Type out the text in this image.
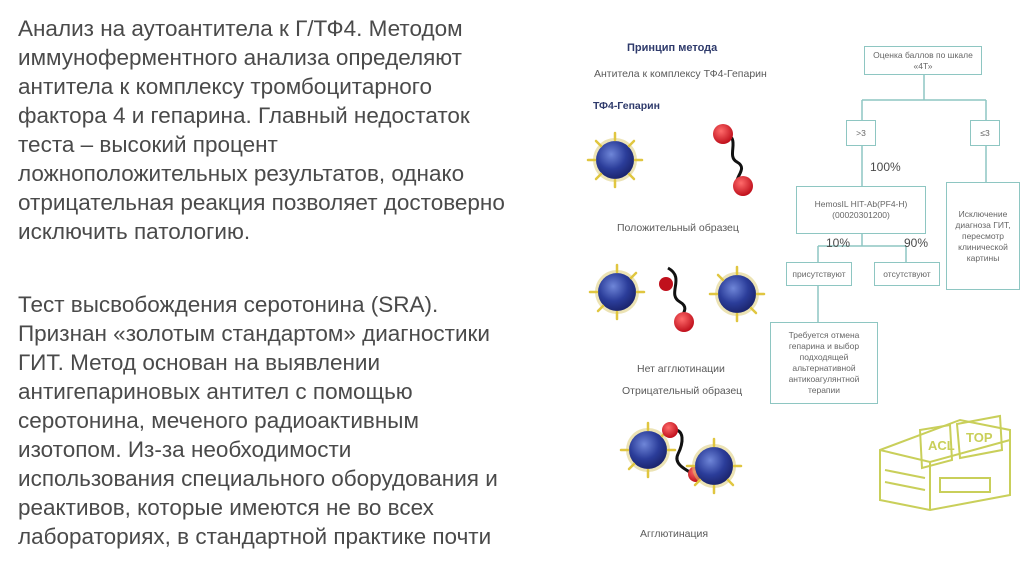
Анализ на аутоантитела к Г/ТФ4. Методом
иммуноферментного анализа определяют
антитела к комплексу тромбоцитарного
фактора 4 и гепарина. Главный недостаток
теста – высокий процент
ложноположительных результатов, однако
отрицательная реакция позволяет достоверно
исключить патологию.
Тест высвобождения серотонина (SRA).
Признан «золотым стандартом» диагностики
ГИТ. Метод основан на выявлении
антигепариновых антител с помощью
серотонина, меченого радиоактивным
изотопом. Из-за необходимости
использования специального оборудования и
реактивов, которые имеются не во всех
лабораториях, в стандартной практике почти
Принцип метода
Антитела к комплексу ТФ4-Гепарин
ТФ4-Гепарин
Положительный образец
Нет агглютинации
Отрицательный образец
Агглютинация
Оценка баллов по шкале «4Т»
>3	≤3
100%
HemosIL HIT-Ab(PF4-H) (00020301200)	Исключение диагноза ГИТ, пересмотр клинической картины
10%	90%
присутствуют	отсутствуют
Требуется отмена гепарина и выбор подходящей альтернативной антикоагулянтной терапии
ACL
TOP
